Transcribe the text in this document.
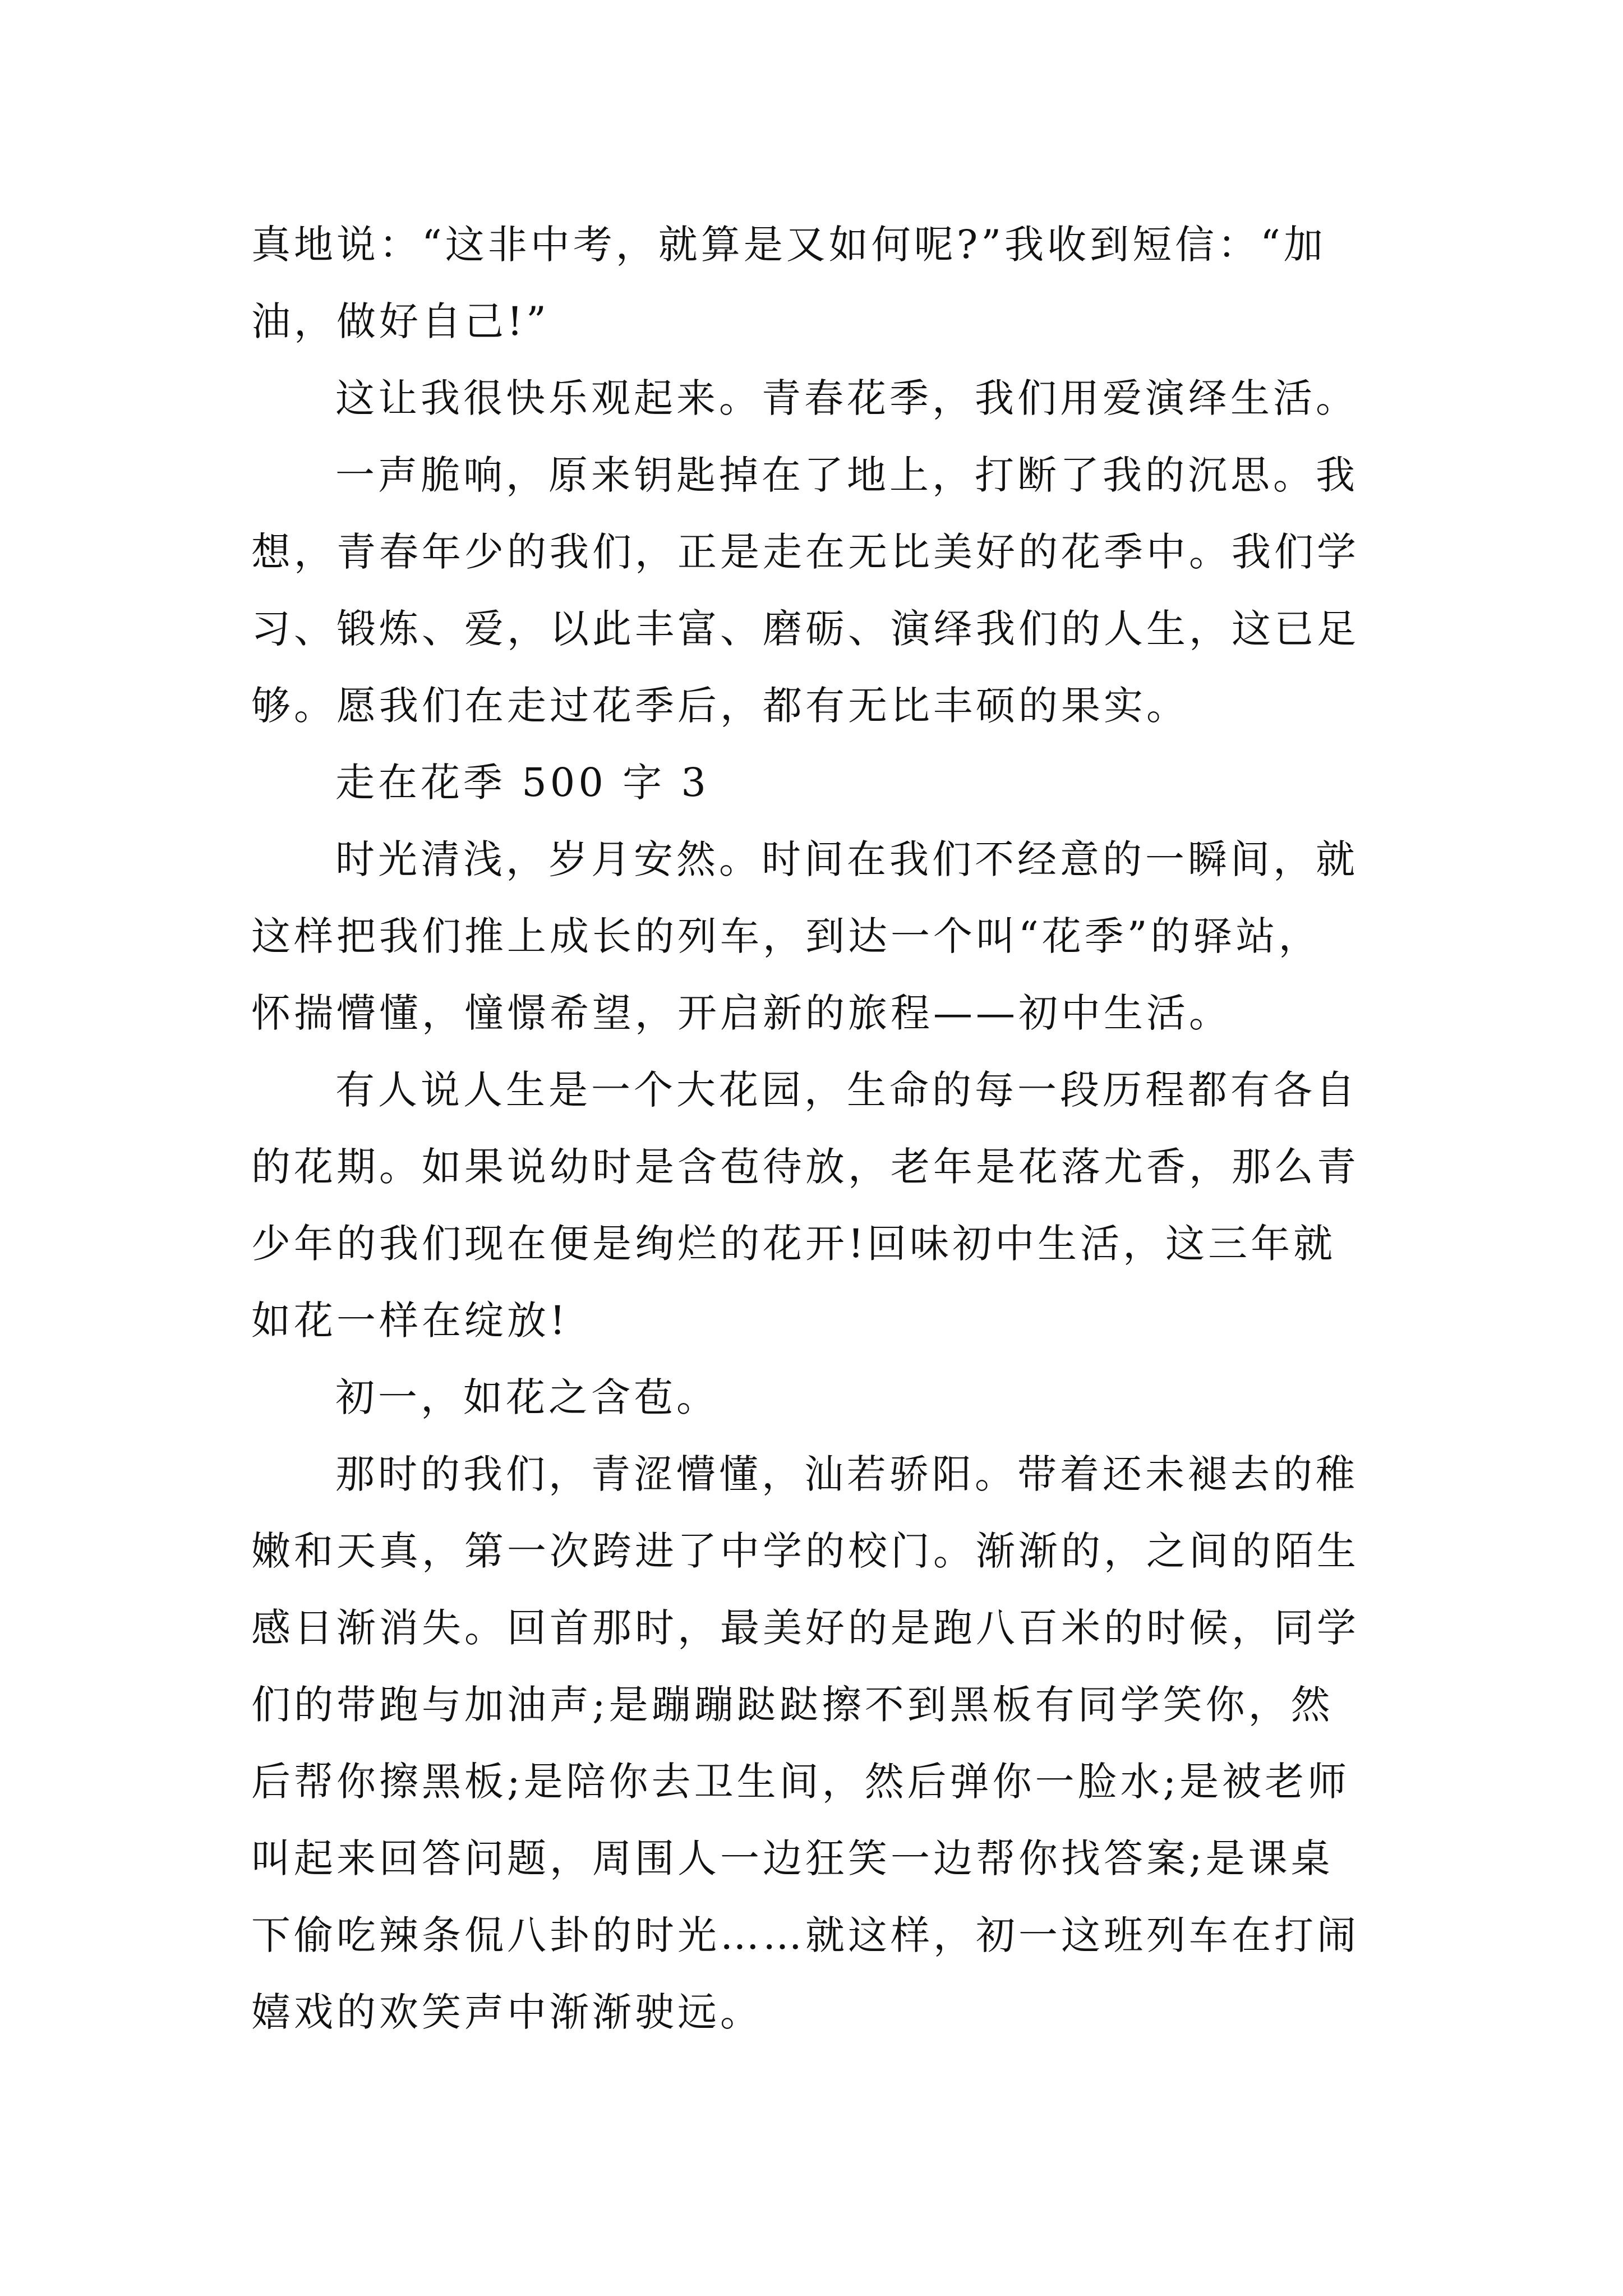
真地说：“这非中考，就算是又如何呢?”我收到短信：“加
油，做好自己!”
这让我很快乐观起来。青春花季，我们用爱演绎生活。
一声脆响，原来钥匙掉在了地上，打断了我的沉思。我
想，青春年少的我们，正是走在无比美好的花季中。我们学
习、锻炼、爱，以此丰富、磨砺、演绎我们的人生，这已足
够。愿我们在走过花季后，都有无比丰硕的果实。
走在花季 500 字 3
时光清浅，岁月安然。时间在我们不经意的一瞬间，就
这样把我们推上成长的列车，到达一个叫“花季”的驿站，
怀揣懵懂，憧憬希望，开启新的旅程——初中生活。
有人说人生是一个大花园，生命的每一段历程都有各自
的花期。如果说幼时是含苞待放，老年是花落尤香，那么青
少年的我们现在便是绚烂的花开!回味初中生活，这三年就
如花一样在绽放!
初一，如花之含苞。
那时的我们，青涩懵懂，汕若骄阳。带着还未褪去的稚
嫩和天真，第一次跨进了中学的校门。渐渐的，之间的陌生
感日渐消失。回首那时，最美好的是跑八百米的时候，同学
们的带跑与加油声;是蹦蹦跶跶擦不到黑板有同学笑你，然
后帮你擦黑板;是陪你去卫生间，然后弹你一脸水;是被老师
叫起来回答问题，周围人一边狂笑一边帮你找答案;是课桌
下偷吃辣条侃八卦的时光……就这样，初一这班列车在打闹
嬉戏的欢笑声中渐渐驶远。
